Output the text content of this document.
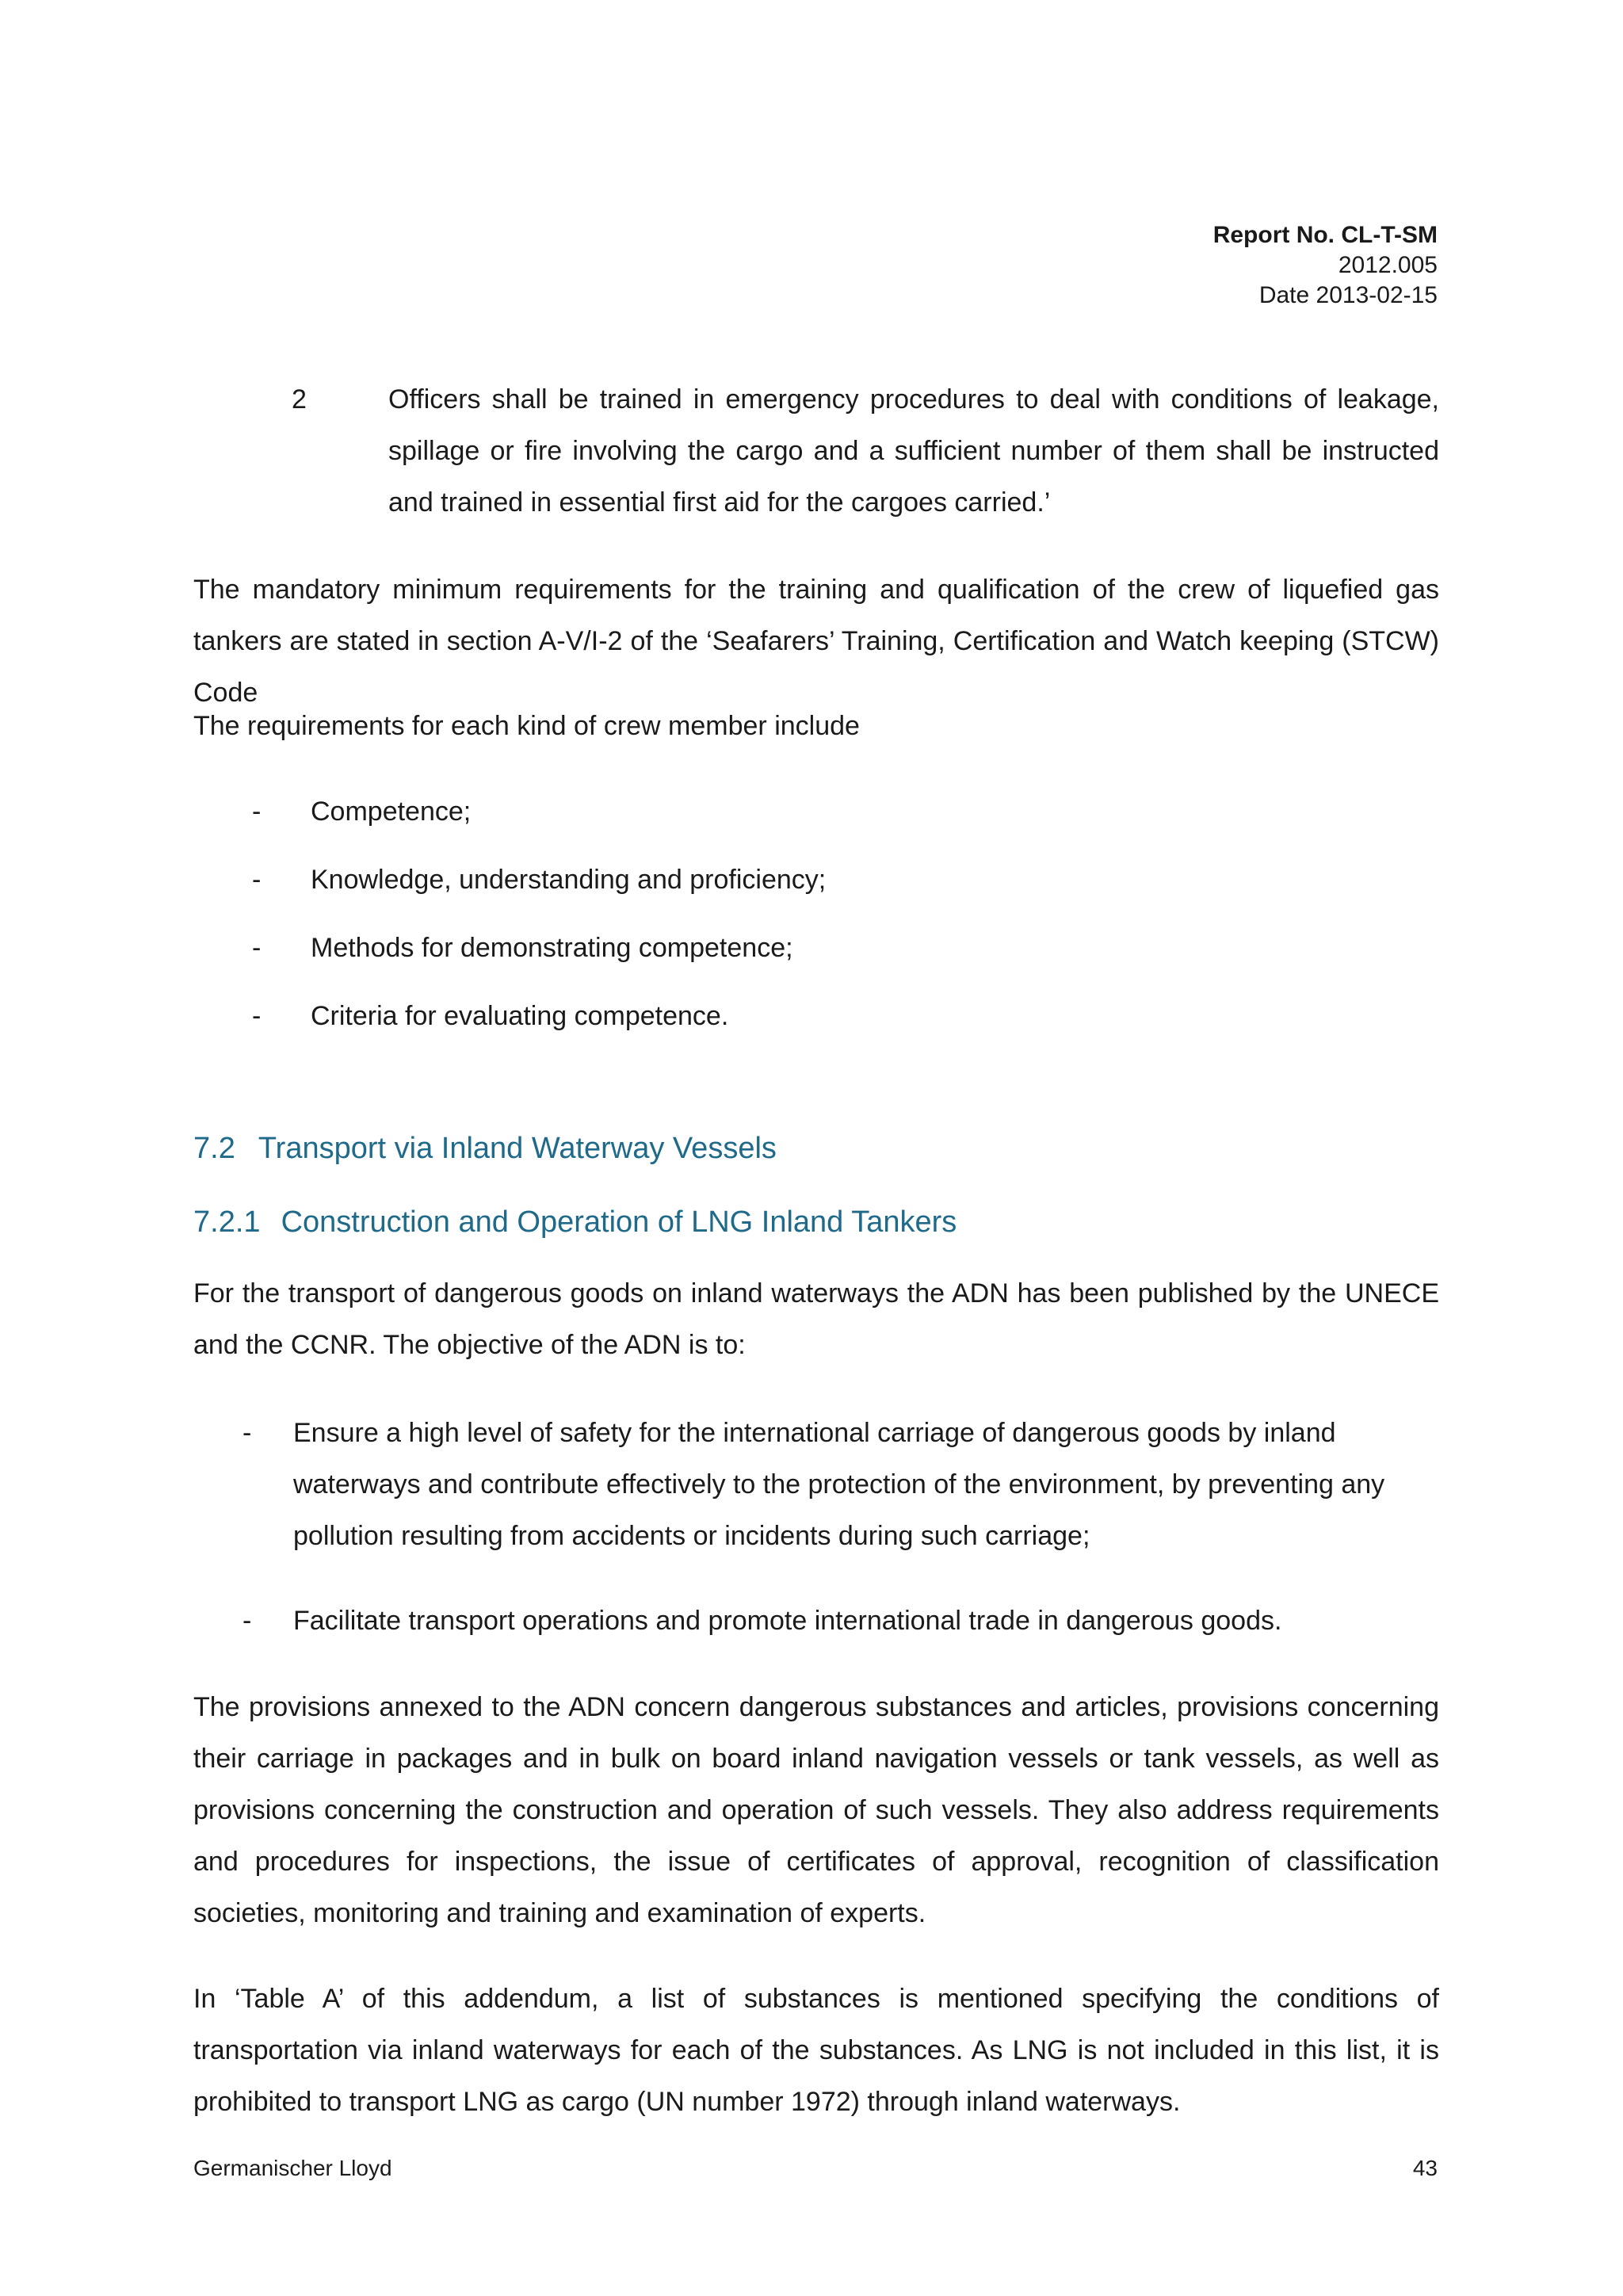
Report No. CL-T-SM
2012.005
Date 2013-02-15
2	Officers shall be trained in emergency procedures to deal with conditions of leakage, spillage or fire involving the cargo and a sufficient number of them shall be instructed and trained in essential first aid for the cargoes carried.’

The mandatory minimum requirements for the training and qualification of the crew of liquefied gas tankers are stated in section A-V/I-2 of the ‘Seafarers’ Training, Certification and Watch keeping (STCW) Code

The requirements for each kind of crew member include

- Competence;
- Knowledge, understanding and proficiency;
- Methods for demonstrating competence;
- Criteria for evaluating competence.
7.2 Transport via Inland Waterway Vessels
7.2.1 Construction and Operation of LNG Inland Tankers

For the transport of dangerous goods on inland waterways the ADN has been published by the UNECE and the CCNR. The objective of the ADN is to:

- Ensure a high level of safety for the international carriage of dangerous goods by inland waterways and contribute effectively to the protection of the environment, by preventing any pollution resulting from accidents or incidents during such carriage;
- Facilitate transport operations and promote international trade in dangerous goods.

The provisions annexed to the ADN concern dangerous substances and articles, provisions concerning their carriage in packages and in bulk on board inland navigation vessels or tank vessels, as well as provisions concerning the construction and operation of such vessels. They also address requirements and procedures for inspections, the issue of certificates of approval, recognition of classification societies, monitoring and training and examination of experts.

In ‘Table A’ of this addendum, a list of substances is mentioned specifying the conditions of transportation via inland waterways for each of the substances. As LNG is not included in this list, it is prohibited to transport LNG as cargo (UN number 1972) through inland waterways.

Germanischer Lloyd	43
